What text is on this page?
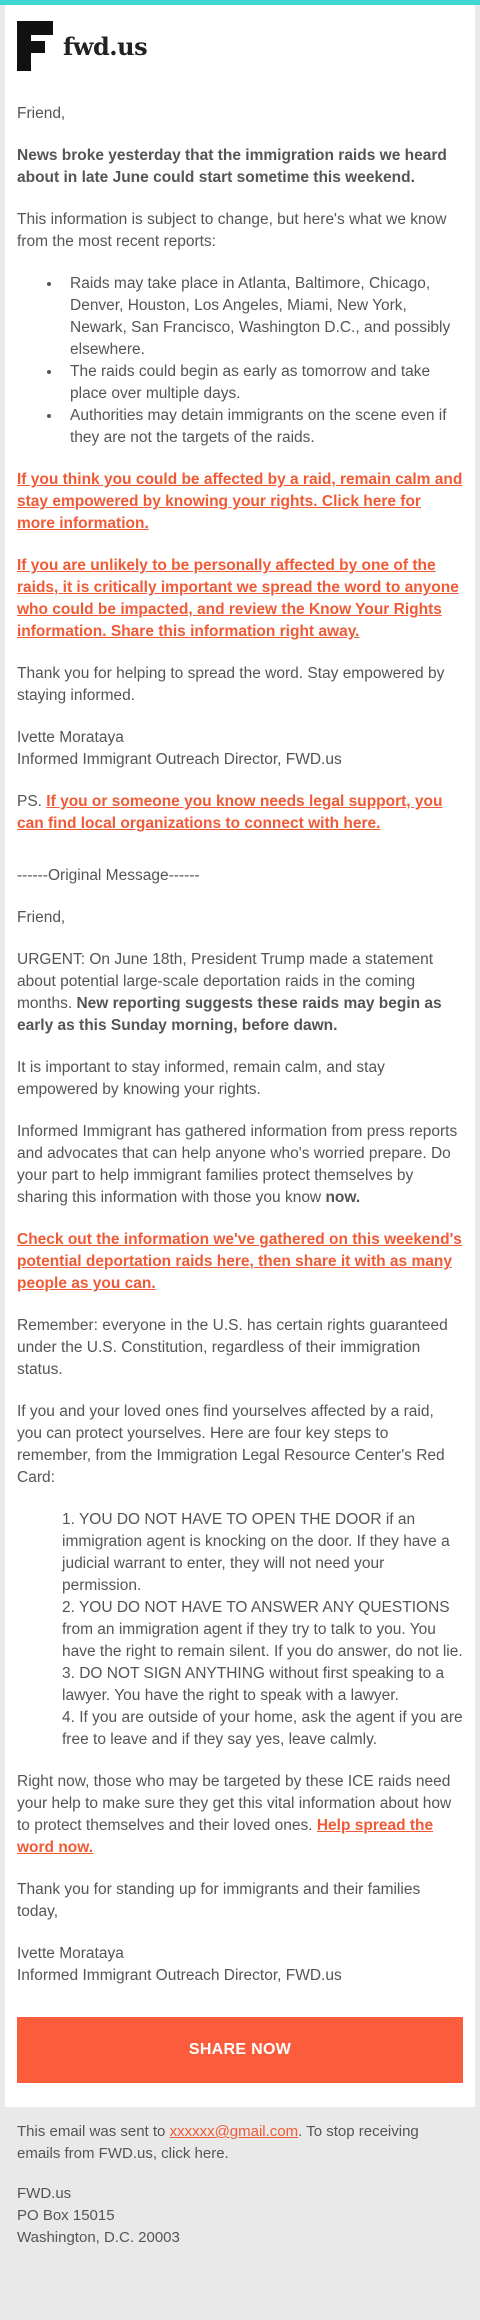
fwd.us

Friend,

News broke yesterday that the immigration raids we heard about in late June could start sometime this weekend.

This information is subject to change, but here's what we know from the most recent reports:

• Raids may take place in Atlanta, Baltimore, Chicago, Denver, Houston, Los Angeles, Miami, New York, Newark, San Francisco, Washington D.C., and possibly elsewhere.
• The raids could begin as early as tomorrow and take place over multiple days.
• Authorities may detain immigrants on the scene even if they are not the targets of the raids.

If you think you could be affected by a raid, remain calm and stay empowered by knowing your rights. Click here for more information.

If you are unlikely to be personally affected by one of the raids, it is critically important we spread the word to anyone who could be impacted, and review the Know Your Rights information. Share this information right away.

Thank you for helping to spread the word. Stay empowered by staying informed.

Ivette Morataya
Informed Immigrant Outreach Director, FWD.us

PS. If you or someone you know needs legal support, you can find local organizations to connect with here.

------Original Message------

Friend,

URGENT: On June 18th, President Trump made a statement about potential large-scale deportation raids in the coming months. New reporting suggests these raids may begin as early as this Sunday morning, before dawn.

It is important to stay informed, remain calm, and stay empowered by knowing your rights.

Informed Immigrant has gathered information from press reports and advocates that can help anyone who's worried prepare. Do your part to help immigrant families protect themselves by sharing this information with those you know now.

Check out the information we've gathered on this weekend's potential deportation raids here, then share it with as many people as you can.

Remember: everyone in the U.S. has certain rights guaranteed under the U.S. Constitution, regardless of their immigration status.

If you and your loved ones find yourselves affected by a raid, you can protect yourselves. Here are four key steps to remember, from the Immigration Legal Resource Center's Red Card:

1. YOU DO NOT HAVE TO OPEN THE DOOR if an immigration agent is knocking on the door. If they have a judicial warrant to enter, they will not need your permission.
2. YOU DO NOT HAVE TO ANSWER ANY QUESTIONS from an immigration agent if they try to talk to you. You have the right to remain silent. If you do answer, do not lie.
3. DO NOT SIGN ANYTHING without first speaking to a lawyer. You have the right to speak with a lawyer.
4. If you are outside of your home, ask the agent if you are free to leave and if they say yes, leave calmly.

Right now, those who may be targeted by these ICE raids need your help to make sure they get this vital information about how to protect themselves and their loved ones. Help spread the word now.

Thank you for standing up for immigrants and their families today,

Ivette Morataya
Informed Immigrant Outreach Director, FWD.us

SHARE NOW

This email was sent to xxxxxx@gmail.com. To stop receiving emails from FWD.us, click here.

FWD.us
PO Box 15015
Washington, D.C. 20003
